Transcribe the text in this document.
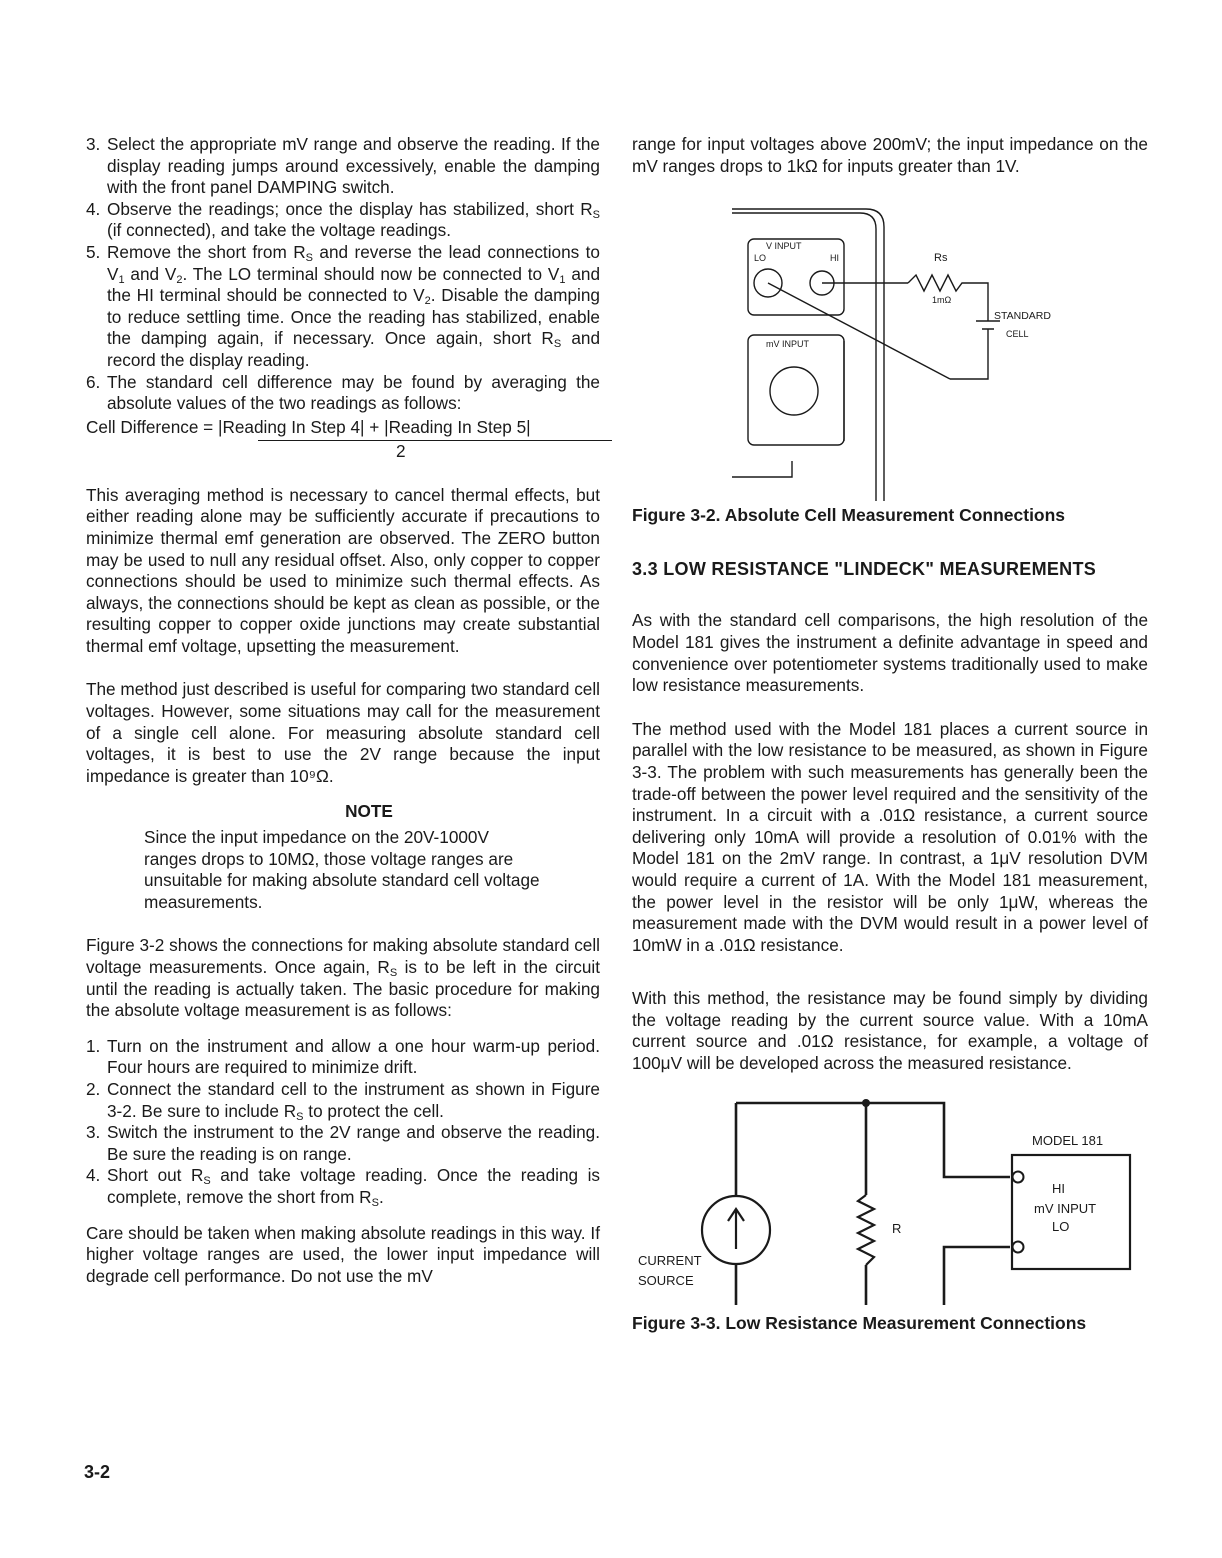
3. Select the appropriate mV range and observe the reading. If the display reading jumps around excessively, enable the damping with the front panel DAMPING switch.
4. Observe the readings; once the display has stabilized, short $R_S$ (if connected), and take the voltage readings.
5. Remove the short from $R_S$ and reverse the lead connections to $V_1$ and $V_2$. The LO terminal should now be connected to $V_1$ and the HI terminal should be connected to $V_2$. Disable the damping to reduce settling time. Once the reading has stabilized, enable the damping again, if necessary. Once again, short $R_S$ and record the display reading.
6. The standard cell difference may be found by averaging the absolute values of the two readings as follows:
Cell Difference = |Reading In Step 4| + |Reading In Step 5|
2

This averaging method is necessary to cancel thermal effects, but either reading alone may be sufficiently accurate if precautions to minimize thermal emf generation are observed. The ZERO button may be used to null any residual offset. Also, only copper to copper connections should be used to minimize such thermal effects. As always, the connections should be kept as clean as possible, or the resulting copper to copper oxide junctions may create substantial thermal emf voltage, upsetting the measurement.

The method just described is useful for comparing two standard cell voltages. However, some situations may call for the measurement of a single cell alone. For measuring absolute standard cell voltages, it is best to use the 2V range because the input impedance is greater than 10⁹Ω.

NOTE
Since the input impedance on the 20V-1000V ranges drops to 10MΩ, those voltage ranges are unsuitable for making absolute standard cell voltage measurements.

Figure 3-2 shows the connections for making absolute standard cell voltage measurements. Once again, $R_S$ is to be left in the circuit until the reading is actually taken. The basic procedure for making the absolute voltage measurement is as follows:

1. Turn on the instrument and allow a one hour warm-up period. Four hours are required to minimize drift.
2. Connect the standard cell to the instrument as shown in Figure 3-2. Be sure to include $R_S$ to protect the cell.
3. Switch the instrument to the 2V range and observe the reading. Be sure the reading is on range.
4. Short out $R_S$ and take voltage reading. Once the reading is complete, remove the short from $R_S$.

Care should be taken when making absolute readings in this way. If higher voltage ranges are used, the lower input impedance will degrade cell performance. Do not use the mV

range for input voltages above 200mV; the input impedance on the mV ranges drops to 1kΩ for inputs greater than 1V.

V INPUT
LO	HI
mV INPUT
Rs
1mΩ
STANDARD
CELL
Figure 3-2. Absolute Cell Measurement Connections
3.3 LOW RESISTANCE "LINDECK" MEASUREMENTS

As with the standard cell comparisons, the high resolution of the Model 181 gives the instrument a definite advantage in speed and convenience over potentiometer systems traditionally used to make low resistance measurements.

The method used with the Model 181 places a current source in parallel with the low resistance to be measured, as shown in Figure 3-3. The problem with such measurements has generally been the trade-off between the power level required and the sensitivity of the instrument. In a circuit with a .01Ω resistance, a current source delivering only 10mA will provide a resolution of 0.01% with the Model 181 on the 2mV range. In contrast, a 1μV resolution DVM would require a current of 1A. With the Model 181 measurement, the power level in the resistor will be only 1μW, whereas the measurement made with the DVM would result in a power level of 10mW in a .01Ω resistance.

With this method, the resistance may be found simply by dividing the voltage reading by the current source value. With a 10mA current source and .01Ω resistance, for example, a voltage of 100μV will be developed across the measured resistance.

MODEL 181
HI
mV INPUT
LO
R
CURRENT
SOURCE
Figure 3-3. Low Resistance Measurement Connections
3-2
